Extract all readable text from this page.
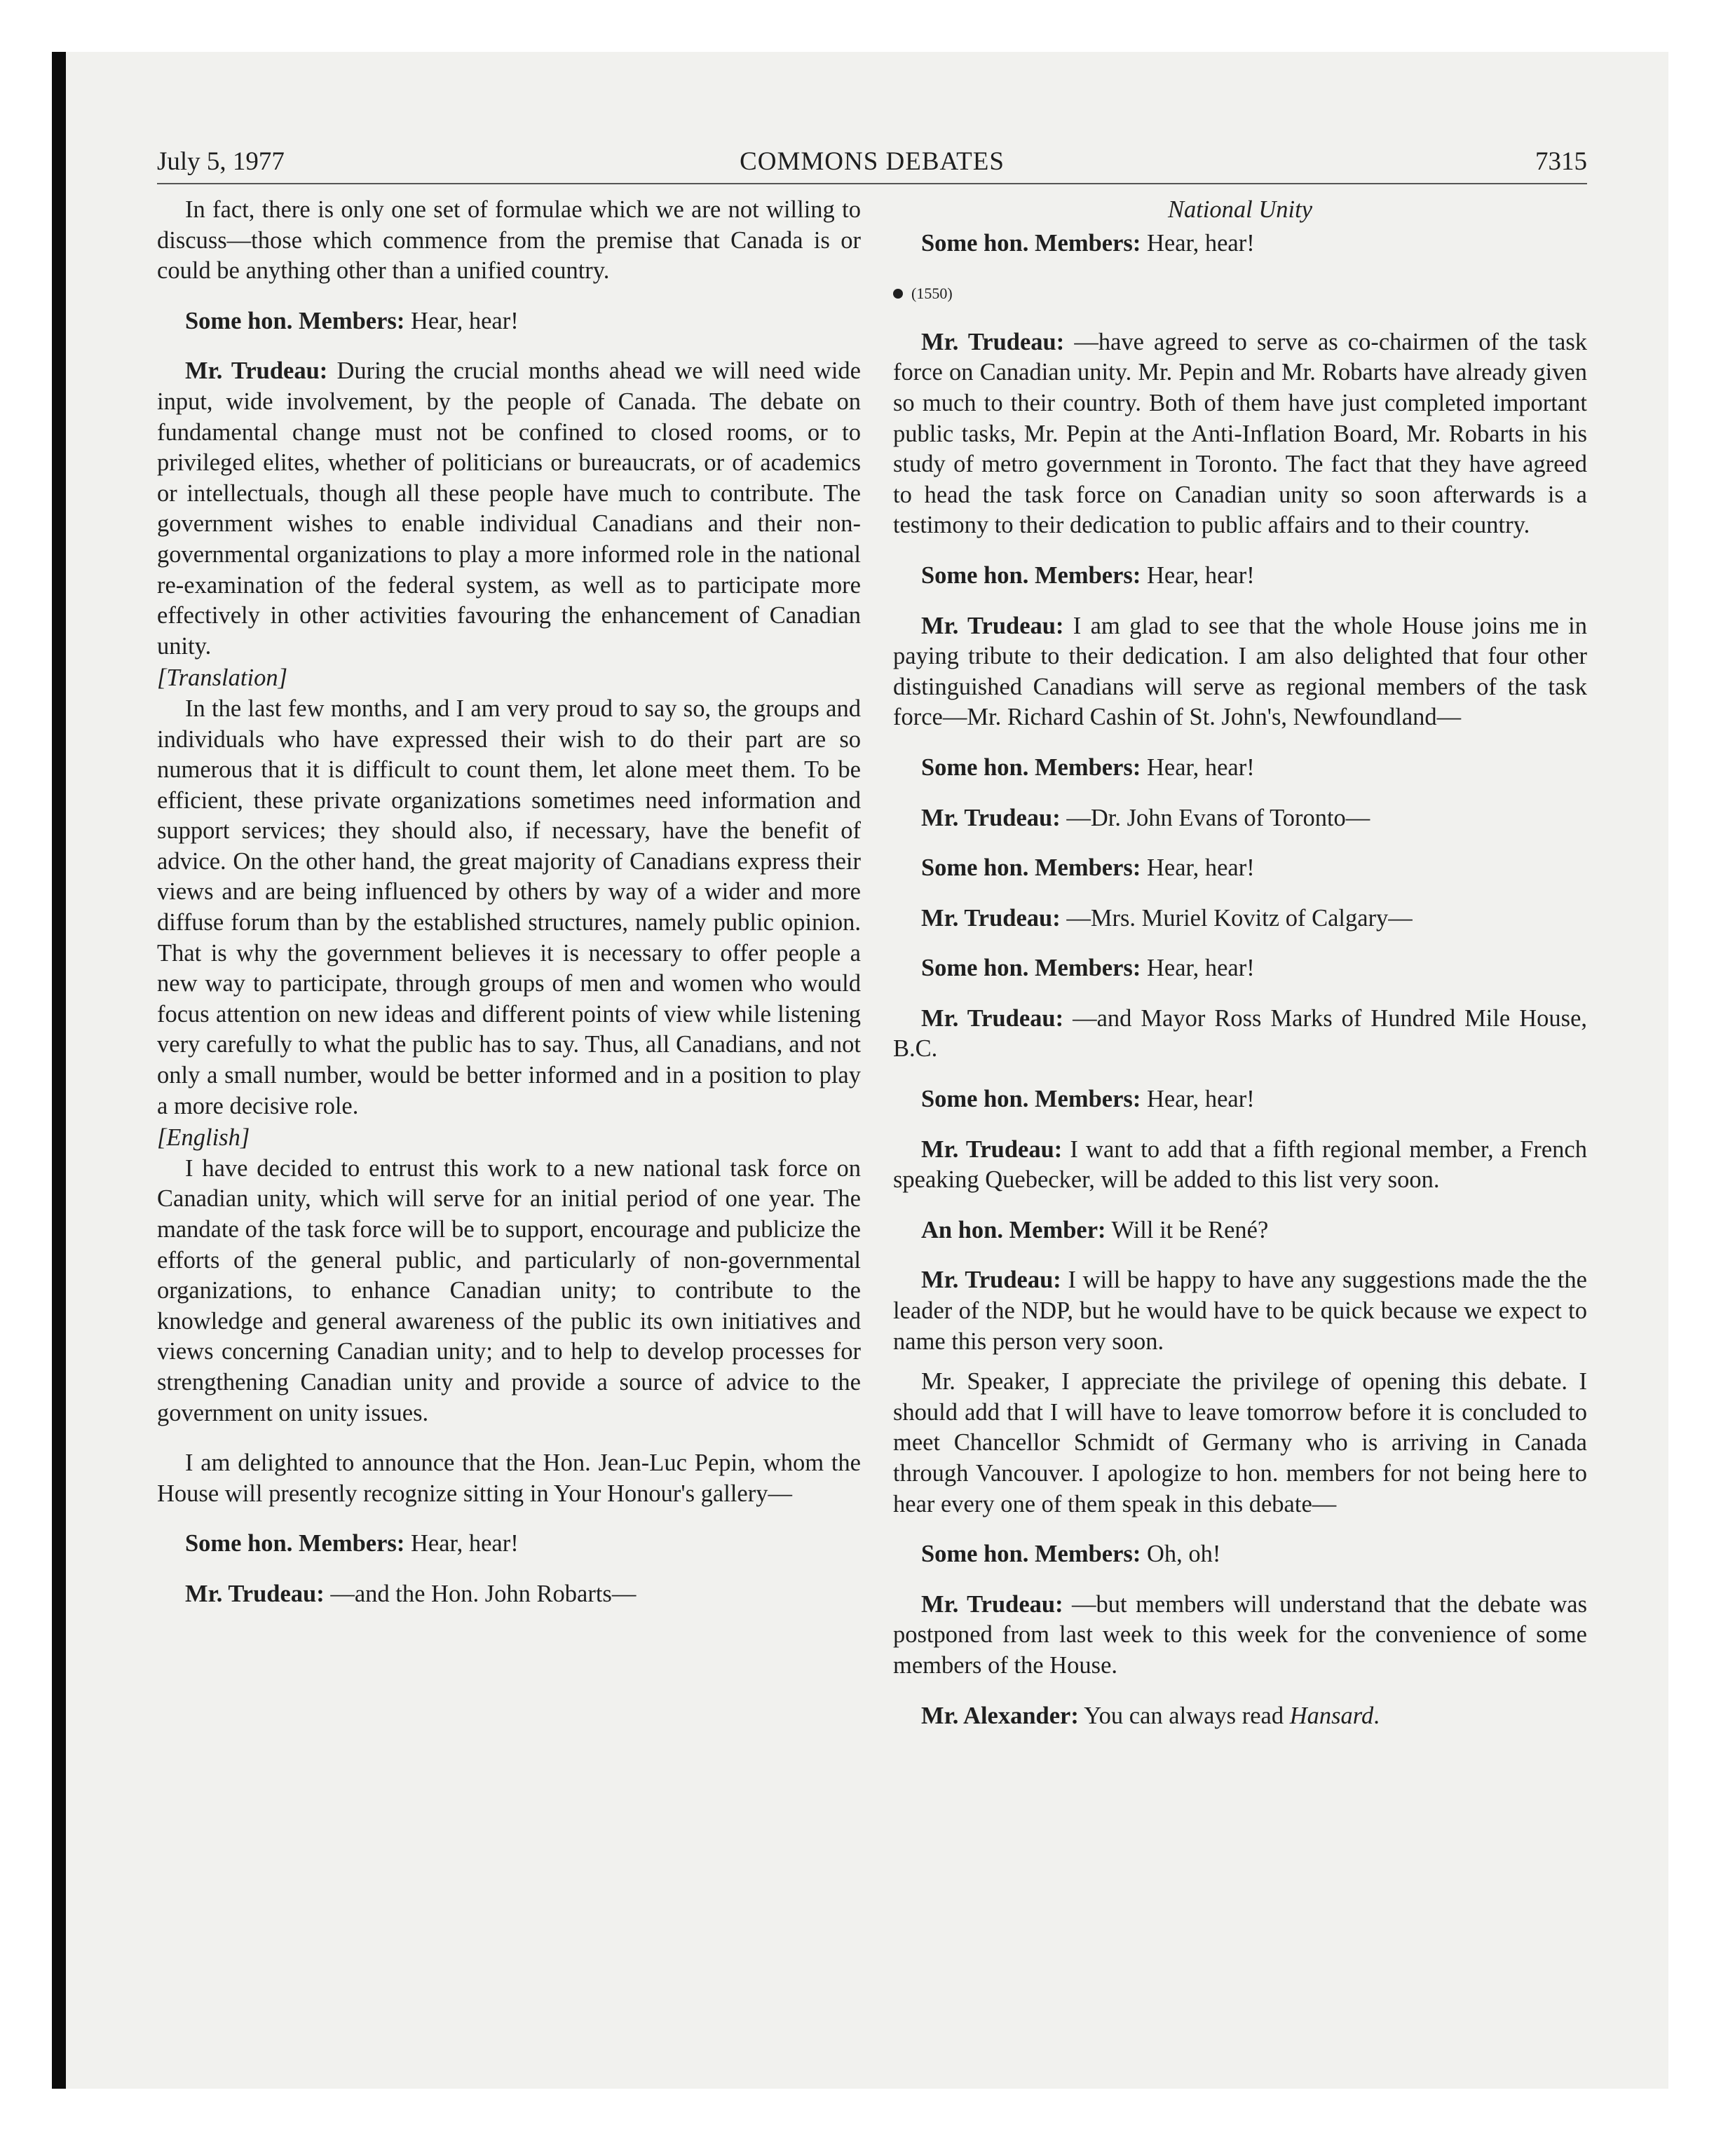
July 5, 1977	COMMONS DEBATES	7315

In fact, there is only one set of formulae which we are not willing to discuss—those which commence from the premise that Canada is or could be anything other than a unified country.

Some hon. Members: Hear, hear!

Mr. Trudeau: During the crucial months ahead we will need wide input, wide involvement, by the people of Canada. The debate on fundamental change must not be confined to closed rooms, or to privileged elites, whether of politicians or bureaucrats, or of academics or intellectuals, though all these people have much to contribute. The government wishes to enable individual Canadians and their non-governmental organizations to play a more informed role in the national re-examination of the federal system, as well as to participate more effectively in other activities favouring the enhancement of Canadian unity.

[Translation]

In the last few months, and I am very proud to say so, the groups and individuals who have expressed their wish to do their part are so numerous that it is difficult to count them, let alone meet them. To be efficient, these private organizations sometimes need information and support services; they should also, if necessary, have the benefit of advice. On the other hand, the great majority of Canadians express their views and are being influenced by others by way of a wider and more diffuse forum than by the established structures, namely public opinion. That is why the government believes it is necessary to offer people a new way to participate, through groups of men and women who would focus attention on new ideas and different points of view while listening very carefully to what the public has to say. Thus, all Canadians, and not only a small number, would be better informed and in a position to play a more decisive role.

[English]

I have decided to entrust this work to a new national task force on Canadian unity, which will serve for an initial period of one year. The mandate of the task force will be to support, encourage and publicize the efforts of the general public, and particularly of non-governmental organizations, to enhance Canadian unity; to contribute to the knowledge and general awareness of the public its own initiatives and views concerning Canadian unity; and to help to develop processes for strengthening Canadian unity and provide a source of advice to the government on unity issues.

I am delighted to announce that the Hon. Jean-Luc Pepin, whom the House will presently recognize sitting in Your Honour's gallery—

Some hon. Members: Hear, hear!

Mr. Trudeau: —and the Hon. John Robarts—

National Unity

Some hon. Members: Hear, hear!

(1550)

Mr. Trudeau: —have agreed to serve as co-chairmen of the task force on Canadian unity. Mr. Pepin and Mr. Robarts have already given so much to their country. Both of them have just completed important public tasks, Mr. Pepin at the Anti-Inflation Board, Mr. Robarts in his study of metro government in Toronto. The fact that they have agreed to head the task force on Canadian unity so soon afterwards is a testimony to their dedication to public affairs and to their country.

Some hon. Members: Hear, hear!

Mr. Trudeau: I am glad to see that the whole House joins me in paying tribute to their dedication. I am also delighted that four other distinguished Canadians will serve as regional members of the task force—Mr. Richard Cashin of St. John's, Newfoundland—

Some hon. Members: Hear, hear!

Mr. Trudeau: —Dr. John Evans of Toronto—

Some hon. Members: Hear, hear!

Mr. Trudeau: —Mrs. Muriel Kovitz of Calgary—

Some hon. Members: Hear, hear!

Mr. Trudeau: —and Mayor Ross Marks of Hundred Mile House, B.C.

Some hon. Members: Hear, hear!

Mr. Trudeau: I want to add that a fifth regional member, a French speaking Quebecker, will be added to this list very soon.

An hon. Member: Will it be René?

Mr. Trudeau: I will be happy to have any suggestions made the the leader of the NDP, but he would have to be quick because we expect to name this person very soon.

Mr. Speaker, I appreciate the privilege of opening this debate. I should add that I will have to leave tomorrow before it is concluded to meet Chancellor Schmidt of Germany who is arriving in Canada through Vancouver. I apologize to hon. members for not being here to hear every one of them speak in this debate—

Some hon. Members: Oh, oh!

Mr. Trudeau: —but members will understand that the debate was postponed from last week to this week for the convenience of some members of the House.

Mr. Alexander: You can always read Hansard.
